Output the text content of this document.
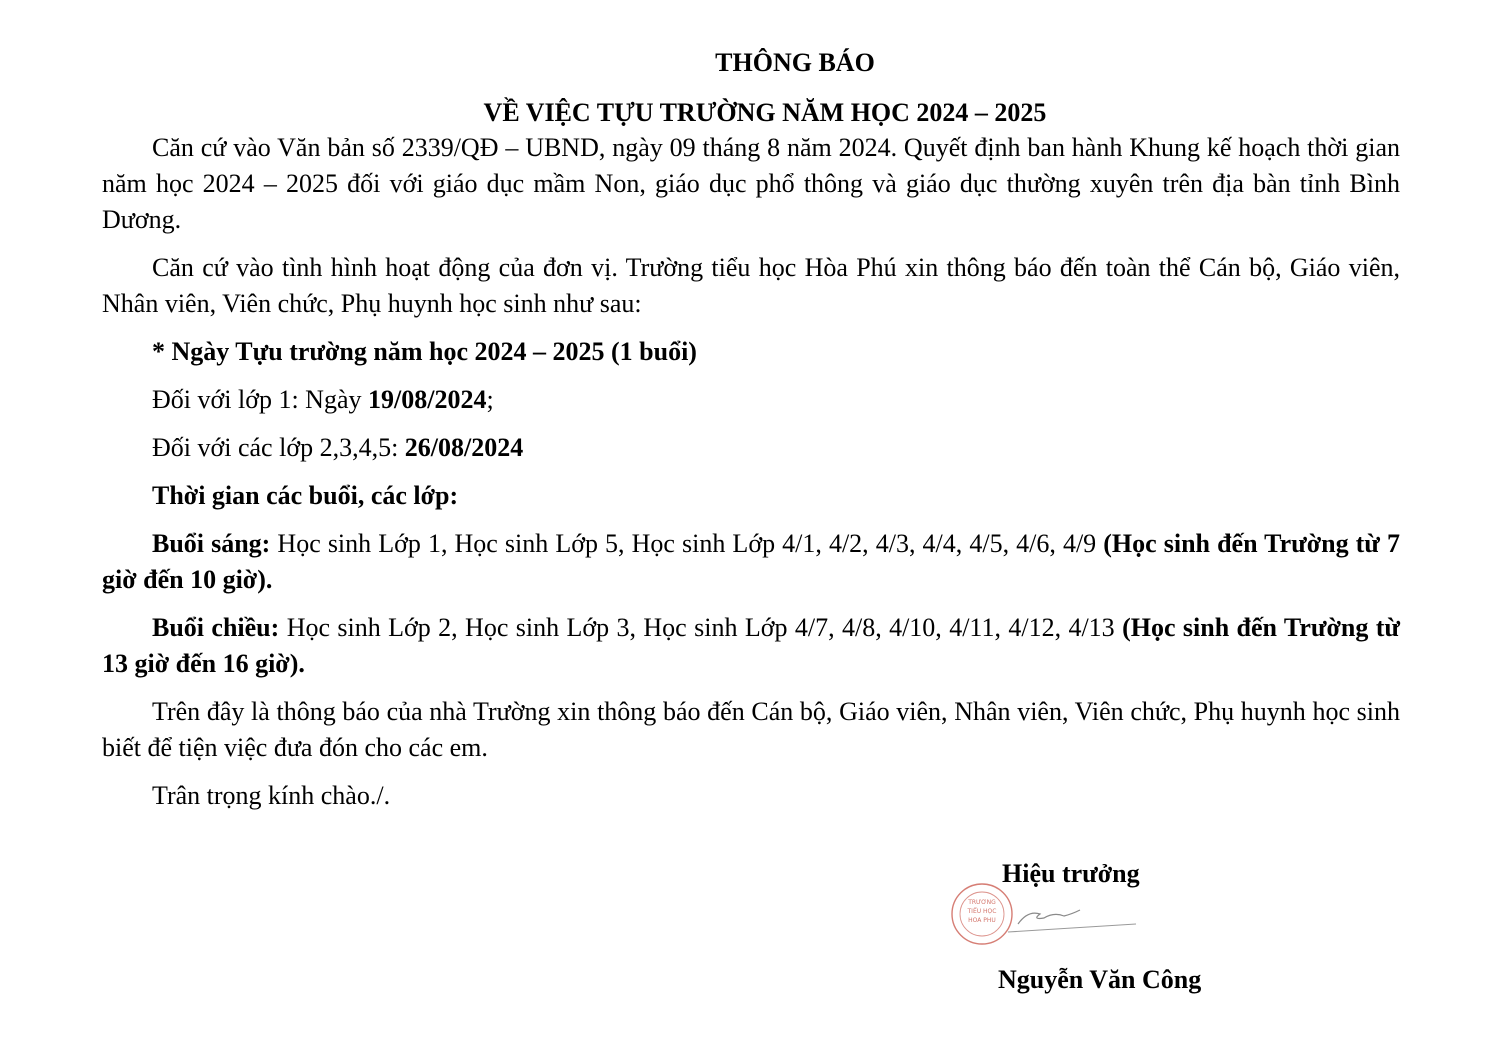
THÔNG BÁO
VỀ VIỆC TỰU TRƯỜNG NĂM HỌC 2024 – 2025

Căn cứ vào Văn bản số 2339/QĐ – UBND, ngày 09 tháng 8 năm 2024. Quyết định ban hành Khung kế hoạch thời gian năm học 2024 – 2025 đối với giáo dục mầm Non, giáo dục phổ thông và giáo dục thường xuyên trên địa bàn tỉnh Bình Dương.

Căn cứ vào tình hình hoạt động của đơn vị. Trường tiểu học Hòa Phú xin thông báo đến toàn thể Cán bộ, Giáo viên, Nhân viên, Viên chức, Phụ huynh học sinh như sau:

* Ngày Tựu trường năm học 2024 – 2025 (1 buổi)
Đối với lớp 1: Ngày 19/08/2024;
Đối với các lớp 2,3,4,5: 26/08/2024
Thời gian các buổi, các lớp:

Buổi sáng: Học sinh Lớp 1, Học sinh Lớp 5, Học sinh Lớp 4/1, 4/2, 4/3, 4/4, 4/5, 4/6, 4/9 (Học sinh đến Trường từ 7 giờ đến 10 giờ).

Buổi chiều: Học sinh Lớp 2, Học sinh Lớp 3, Học sinh Lớp 4/7, 4/8, 4/10, 4/11, 4/12, 4/13 (Học sinh đến Trường từ 13 giờ đến 16 giờ).

Trên đây là thông báo của nhà Trường xin thông báo đến Cán bộ, Giáo viên, Nhân viên, Viên chức, Phụ huynh học sinh biết để tiện việc đưa đón cho các em.

Trân trọng kính chào./.
TRƯỜNG
TIỂU HỌC
HÒA PHÚ
Hiệu trưởng
Nguyễn Văn Công
